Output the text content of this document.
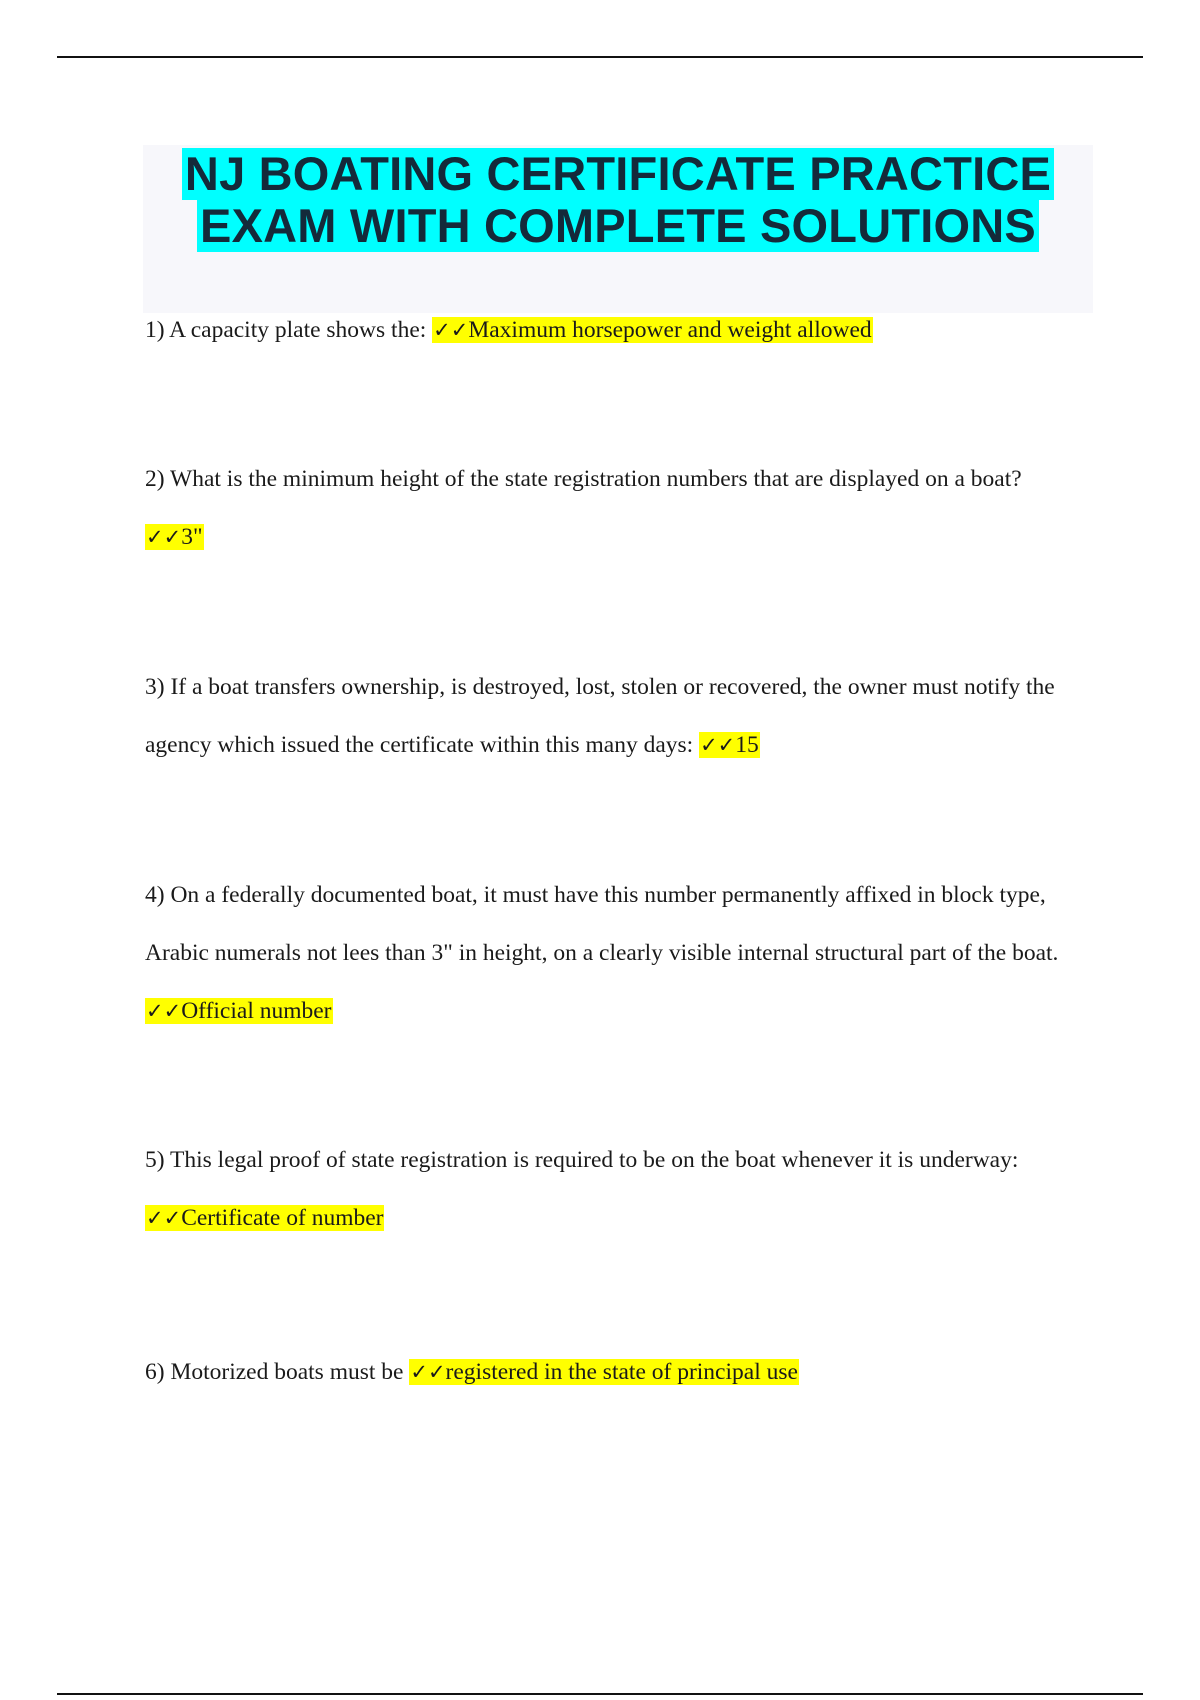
NJ BOATING CERTIFICATE PRACTICE
EXAM WITH COMPLETE SOLUTIONS
1) A capacity plate shows the: ✓✓Maximum horsepower and weight allowed
2) What is the minimum height of the state registration numbers that are displayed on a boat?
✓✓3"
3) If a boat transfers ownership, is destroyed, lost, stolen or recovered, the owner must notify the
agency which issued the certificate within this many days: ✓✓15
4) On a federally documented boat, it must have this number permanently affixed in block type,
Arabic numerals not lees than 3" in height, on a clearly visible internal structural part of the boat.
✓✓Official number
5) This legal proof of state registration is required to be on the boat whenever it is underway:
✓✓Certificate of number
6) Motorized boats must be ✓✓registered in the state of principal use
